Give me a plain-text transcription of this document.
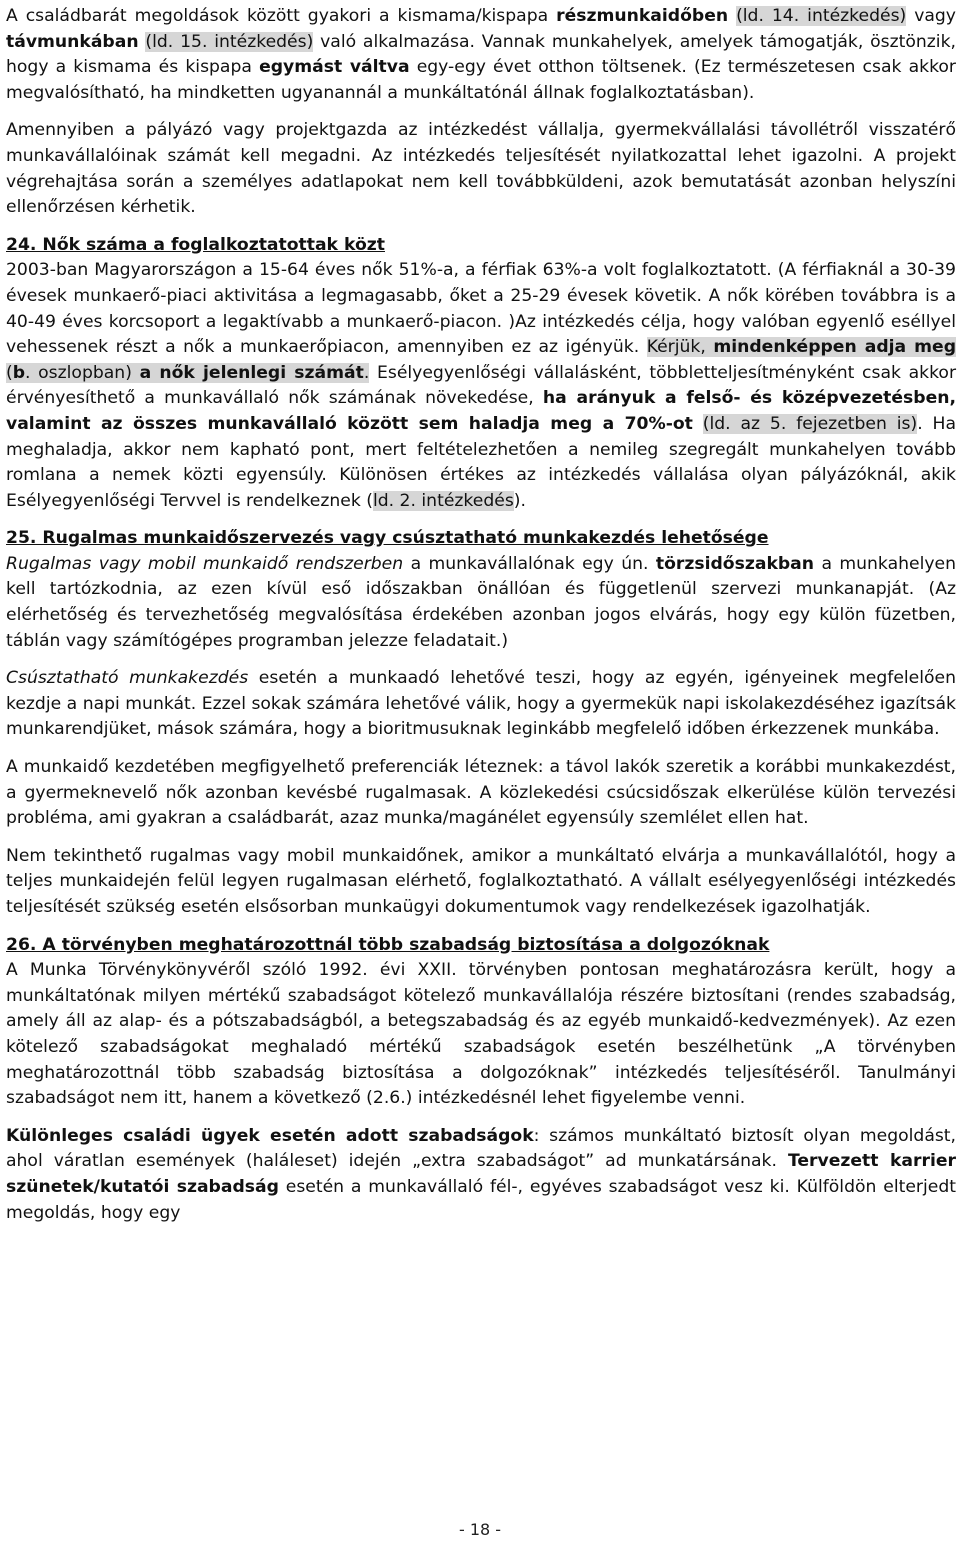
A családbarát megoldások között gyakori a kismama/kispapa részmunkaidőben (ld. 14. intézkedés) vagy távmunkában (ld. 15. intézkedés) való alkalmazása. Vannak munkahelyek, amelyek támogatják, ösztönzik, hogy a kismama és kispapa egymást váltva egy-egy évet otthon töltsenek. (Ez természetesen csak akkor megvalósítható, ha mindketten ugyanannál a munkáltatónál állnak foglalkoztatásban).

Amennyiben a pályázó vagy projektgazda az intézkedést vállalja, gyermekvállalási távollétről visszatérő munkavállalóinak számát kell megadni. Az intézkedés teljesítését nyilatkozattal lehet igazolni. A projekt végrehajtása során a személyes adatlapokat nem kell továbbküldeni, azok bemutatását azonban helyszíni ellenőrzésen kérhetik.

24. Nők száma a foglalkoztatottak közt

2003-ban Magyarországon a 15-64 éves nők 51%-a, a férfiak 63%-a volt foglalkoztatott. (A férfiaknál a 30-39 évesek munkaerő-piaci aktivitása a legmagasabb, őket a 25-29 évesek követik. A nők körében továbbra is a 40-49 éves korcsoport a legaktívabb a munkaerő-piacon. )Az intézkedés célja, hogy valóban egyenlő eséllyel vehessenek részt a nők a munkaerőpiacon, amennyiben ez az igényük. Kérjük, mindenképpen adja meg (b. oszlopban) a nők jelenlegi számát. Esélyegyenlőségi vállalásként, többletteljesítményként csak akkor érvényesíthető a munkavállaló nők számának növekedése, ha arányuk a felső- és középvezetésben, valamint az összes munkavállaló között sem haladja meg a 70%-ot (ld. az 5. fejezetben is). Ha meghaladja, akkor nem kapható pont, mert feltételezhetően a nemileg szegregált munkahelyen tovább romlana a nemek közti egyensúly. Különösen értékes az intézkedés vállalása olyan pályázóknál, akik Esélyegyenlőségi Tervvel is rendelkeznek (ld. 2. intézkedés).

25. Rugalmas munkaidőszervezés vagy csúsztatható munkakezdés lehetősége

Rugalmas vagy mobil munkaidő rendszerben a munkavállalónak egy ún. törzsidőszakban a munkahelyen kell tartózkodnia, az ezen kívül eső időszakban önállóan és függetlenül szervezi munkanapját. (Az elérhetőség és tervezhetőség megvalósítása érdekében azonban jogos elvárás, hogy egy külön füzetben, táblán vagy számítógépes programban jelezze feladatait.)

Csúsztatható munkakezdés esetén a munkaadó lehetővé teszi, hogy az egyén, igényeinek megfelelően kezdje a napi munkát. Ezzel sokak számára lehetővé válik, hogy a gyermekük napi iskolakezdéséhez igazítsák munkarendjüket, mások számára, hogy a bioritmusuknak leginkább megfelelő időben érkezzenek munkába.

A munkaidő kezdetében megfigyelhető preferenciák léteznek: a távol lakók szeretik a korábbi munkakezdést, a gyermeknevelő nők azonban kevésbé rugalmasak. A közlekedési csúcsidőszak elkerülése külön tervezési probléma, ami gyakran a családbarát, azaz munka/magánélet egyensúly szemlélet ellen hat.

Nem tekinthető rugalmas vagy mobil munkaidőnek, amikor a munkáltató elvárja a munkavállalótól, hogy a teljes munkaidején felül legyen rugalmasan elérhető, foglalkoztatható. A vállalt esélyegyenlőségi intézkedés teljesítését szükség esetén elsősorban munkaügyi dokumentumok vagy rendelkezések igazolhatják.

26. A törvényben meghatározottnál több szabadság biztosítása a dolgozóknak

A Munka Törvénykönyvéről szóló 1992. évi XXII. törvényben pontosan meghatározásra került, hogy a munkáltatónak milyen mértékű szabadságot kötelező munkavállalója részére biztosítani (rendes szabadság, amely áll az alap- és a pótszabadságból, a betegszabadság és az egyéb munkaidő-kedvezmények). Az ezen kötelező szabadságokat meghaladó mértékű szabadságok esetén beszélhetünk „A törvényben meghatározottnál több szabadság biztosítása a dolgozóknak” intézkedés teljesítéséről. Tanulmányi szabadságot nem itt, hanem a következő (2.6.) intézkedésnél lehet figyelembe venni.

Különleges családi ügyek esetén adott szabadságok: számos munkáltató biztosít olyan megoldást, ahol váratlan események (haláleset) idején „extra szabadságot” ad munkatársának. Tervezett karrier szünetek/kutatói szabadság esetén a munkavállaló fél-, egyéves szabadságot vesz ki. Külföldön elterjedt megoldás, hogy egy

- 18 -
